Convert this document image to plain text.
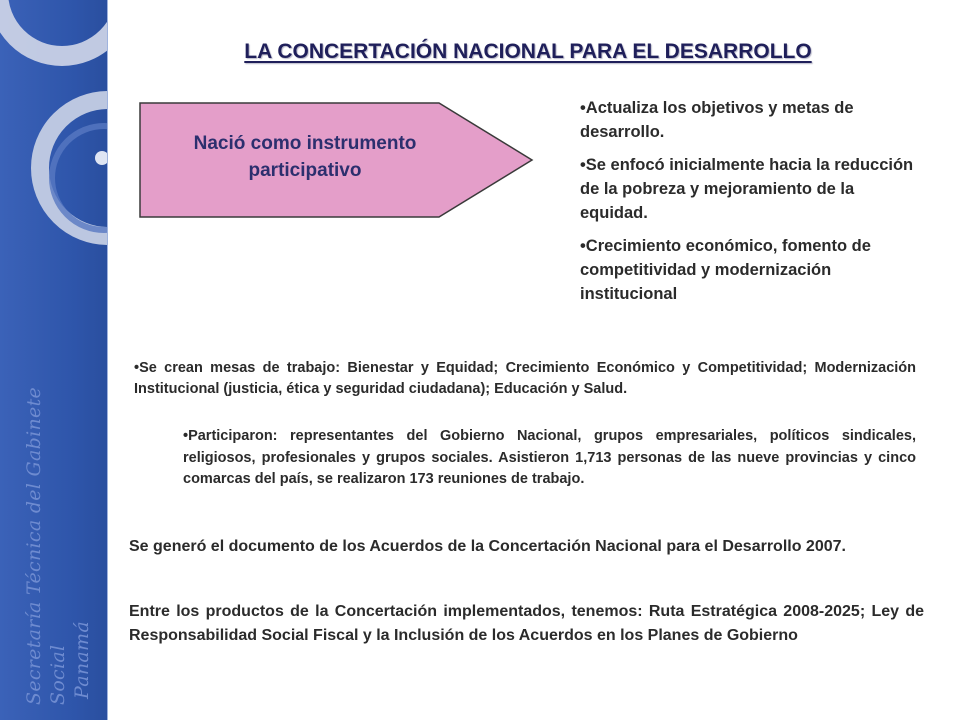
Secretaría Técnica del Gabinete Social Panamá
LA CONCERTACIÓN NACIONAL PARA EL DESARROLLO
Nació como instrumento participativo
•Actualiza los objetivos y metas de desarrollo.
•Se enfocó inicialmente hacia la reducción de la pobreza y mejoramiento de la equidad.
•Crecimiento económico, fomento de competitividad y modernización institucional
•Se crean mesas de trabajo: Bienestar y Equidad; Crecimiento Económico y Competitividad; Modernización Institucional (justicia, ética y seguridad ciudadana); Educación y Salud.
•Participaron: representantes del Gobierno Nacional, grupos empresariales, políticos sindicales, religiosos, profesionales y grupos sociales. Asistieron 1,713 personas de las nueve provincias y cinco comarcas del país, se realizaron 173 reuniones de trabajo.
Se generó el documento de los Acuerdos de la Concertación Nacional para el Desarrollo 2007.
Entre los productos de la Concertación implementados, tenemos: Ruta Estratégica 2008-2025; Ley de Responsabilidad Social Fiscal y la Inclusión de los Acuerdos en los Planes de Gobierno
